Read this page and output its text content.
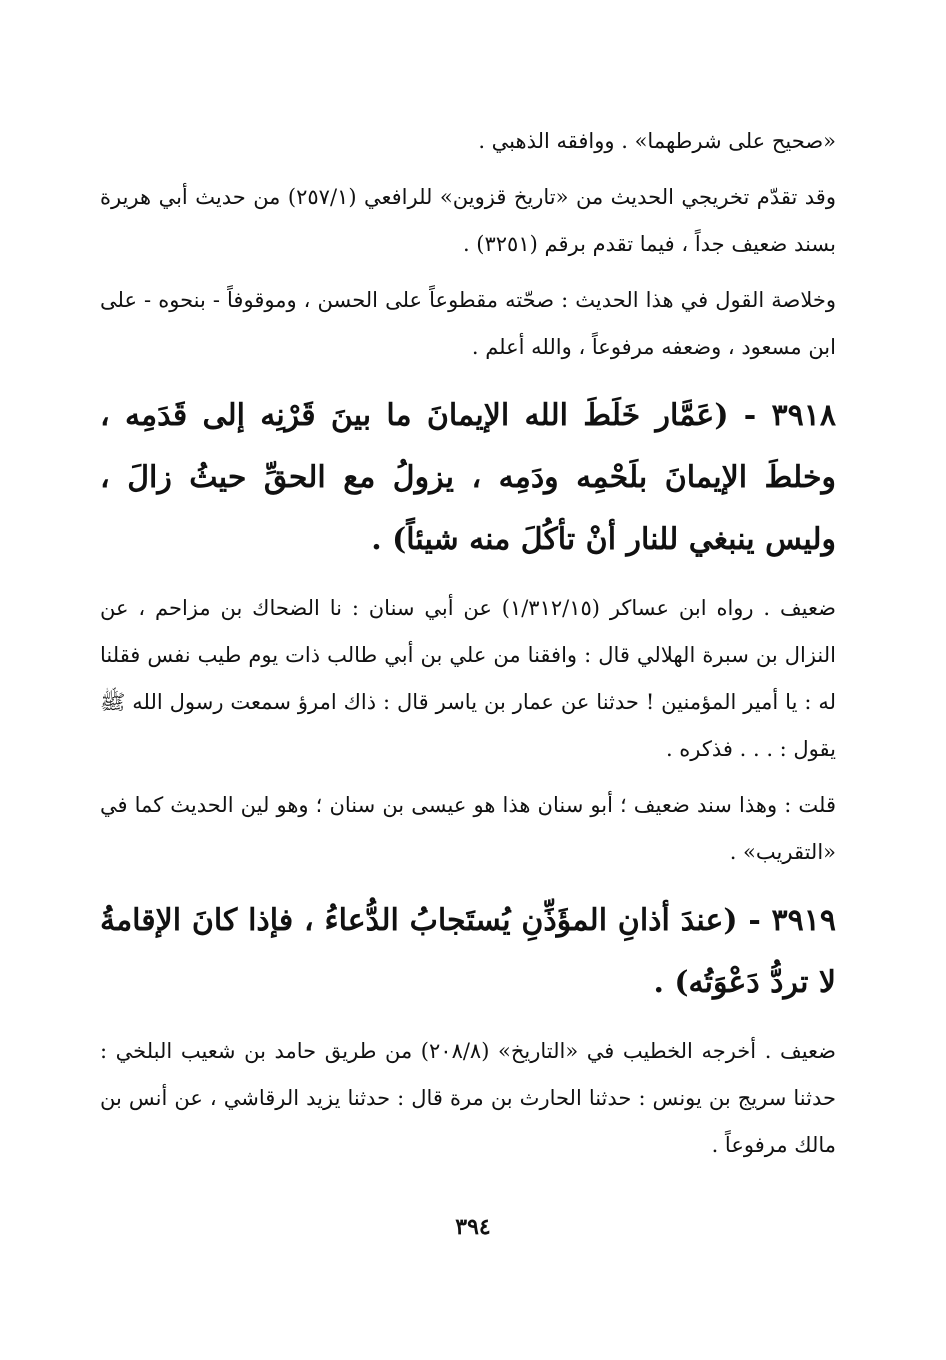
«صحيح على شرطهما» . ووافقه الذهبي .

وقد تقدّم تخريجي الحديث من «تاريخ قزوين» للرافعي (٢٥٧/١) من حديث أبي هريرة بسند ضعيف جداً ، فيما تقدم برقم (٣٢٥١) .

وخلاصة القول في هذا الحديث : صحّته مقطوعاً على الحسن ، وموقوفاً - بنحوه - على ابن مسعود ، وضعفه مرفوعاً ، والله أعلم .

٣٩١٨ - (عَمَّار خَلَطَ الله الإيمانَ ما بينَ قَرْنِه إلى قَدَمِه ، وخلطَ الإيمانَ بلَحْمِه ودَمِه ، يزولُ مع الحقِّ حيثُ زالَ ، وليس ينبغي للنار أنْ تأكُلَ منه شيئاً) .

ضعيف . رواه ابن عساكر (١/٣١٢/١٥) عن أبي سنان : نا الضحاك بن مزاحم ، عن النزال بن سبرة الهلالي قال : وافقنا من علي بن أبي طالب ذات يوم طيب نفس فقلنا له : يا أمير المؤمنين ! حدثنا عن عمار بن ياسر قال : ذاك امرؤ سمعت رسول الله ﷺ يقول : . . . فذكره .

قلت : وهذا سند ضعيف ؛ أبو سنان هذا هو عيسى بن سنان ؛ وهو لين الحديث كما في «التقريب» .

٣٩١٩ - (عندَ أذانِ المؤَذِّنِ يُستَجابُ الدُّعاءُ ، فإذا كانَ الإقامةُ لا تردُّ دَعْوَتُه) .

ضعيف . أخرجه الخطيب في «التاريخ» (٢٠٨/٨) من طريق حامد بن شعيب البلخي : حدثنا سريج بن يونس : حدثنا الحارث بن مرة قال : حدثنا يزيد الرقاشي ، عن أنس بن مالك مرفوعاً .

٣٩٤
